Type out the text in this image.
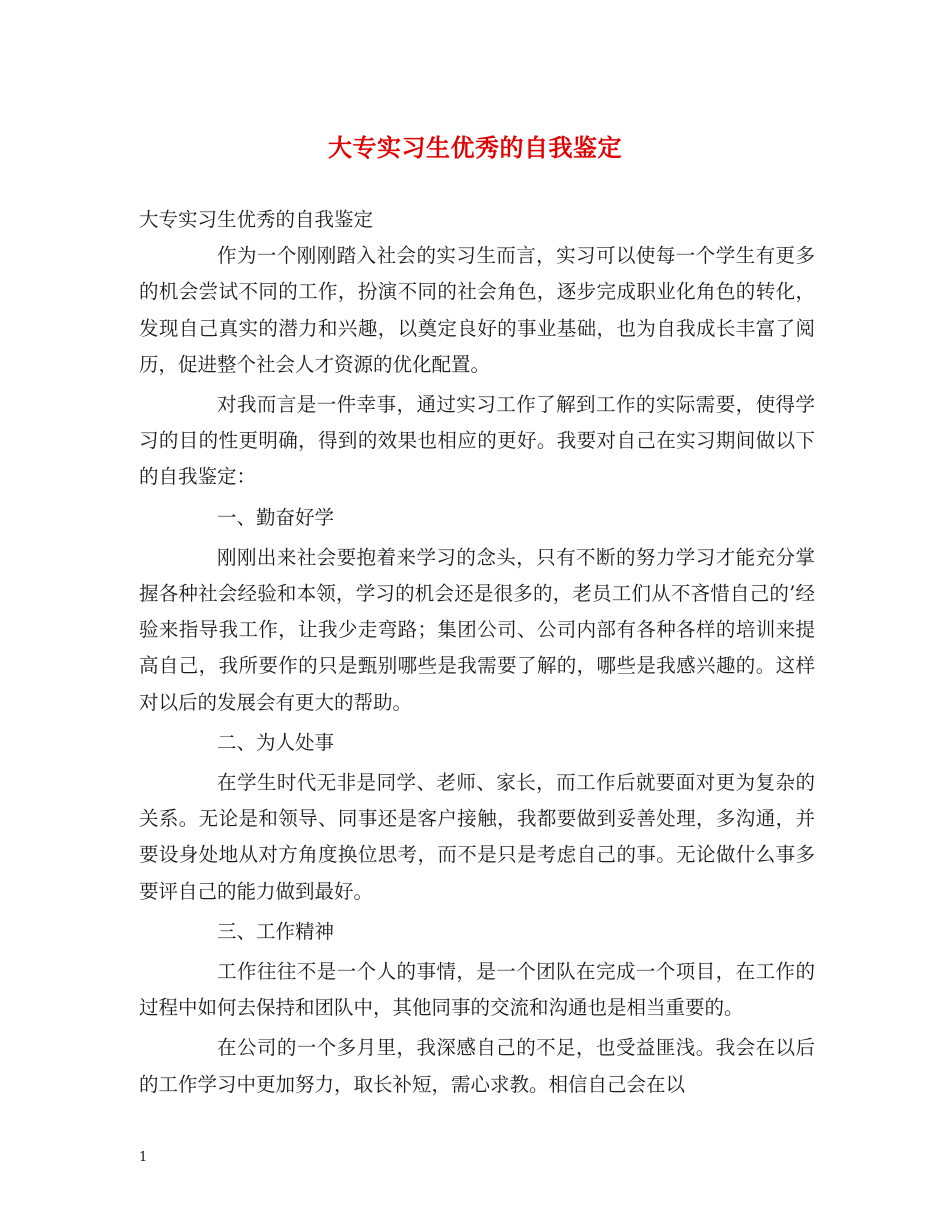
大专实习生优秀的自我鉴定

大专实习生优秀的自我鉴定

作为一个刚刚踏入社会的实习生而言，实习可以使每一个学生有更多的机会尝试不同的工作，扮演不同的社会角色，逐步完成职业化角色的转化，发现自己真实的潜力和兴趣，以奠定良好的事业基础，也为自我成长丰富了阅历，促进整个社会人才资源的优化配置。

对我而言是一件幸事，通过实习工作了解到工作的实际需要，使得学习的目的性更明确，得到的效果也相应的更好。我要对自己在实习期间做以下的自我鉴定：

一、勤奋好学

刚刚出来社会要抱着来学习的念头，只有不断的努力学习才能充分掌握各种社会经验和本领，学习的机会还是很多的，老员工们从不吝惜自己的’经验来指导我工作，让我少走弯路；集团公司、公司内部有各种各样的培训来提高自己，我所要作的只是甄别哪些是我需要了解的，哪些是我感兴趣的。这样对以后的发展会有更大的帮助。

二、为人处事

在学生时代无非是同学、老师、家长，而工作后就要面对更为复杂的关系。无论是和领导、同事还是客户接触，我都要做到妥善处理，多沟通，并要设身处地从对方角度换位思考，而不是只是考虑自己的事。无论做什么事多要评自己的能力做到最好。

三、工作精神

工作往往不是一个人的事情，是一个团队在完成一个项目，在工作的过程中如何去保持和团队中，其他同事的交流和沟通也是相当重要的。

在公司的一个多月里，我深感自己的不足，也受益匪浅。我会在以后的工作学习中更加努力，取长补短，需心求教。相信自己会在以

1
